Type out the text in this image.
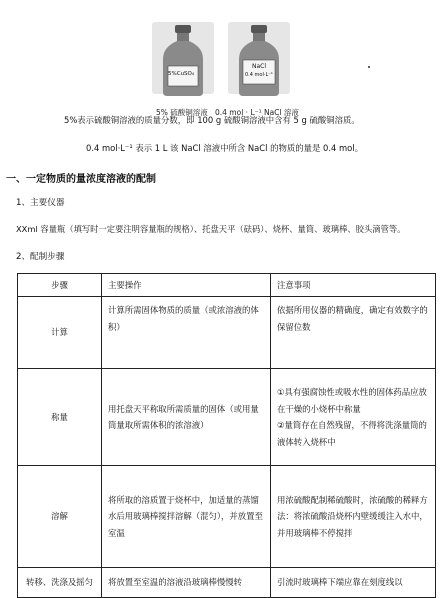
5%CuSO₄
5% 硫酸铜溶液
NaCl
0.4 mol·L⁻¹
0.4 mol · L⁻¹ NaCl 溶液
5%表示硫酸铜溶液的质量分数，即 100 g 硫酸铜溶液中含有 5 g 硫酸铜溶质。
0.4 mol·L⁻¹ 表示 1 L 该 NaCl 溶液中所含 NaCl 的物质的量是 0.4 mol。
一、一定物质的量浓度溶液的配制
1、主要仪器
XXml 容量瓶（填写时一定要注明容量瓶的规格）、托盘天平（砝码）、烧杯、量筒、玻璃棒、胶头滴管等。
2、配制步骤
步骤	主要操作	注意事项
计算	计算所需固体物质的质量（或浓溶液的体积）	依据所用仪器的精确度，确定有效数字的保留位数

称量	用托盘天平称取所需质量的固体（或用量筒量取所需体积的浓溶液）	①具有强腐蚀性或吸水性的固体药品应放在干燥的小烧杯中称量
②量筒存在自然残留，不得将洗涤量筒的液体转入烧杯中

溶解	将所取的溶质置于烧杯中，加适量的蒸馏水后用玻璃棒搅拌溶解（混匀），并放置至室温	用浓硫酸配制稀硫酸时，浓硫酸的稀释方法：将浓硫酸沿烧杯内壁缓缓注入水中，并用玻璃棒不停搅拌

转移、洗涤及摇匀	将放置至室温的溶液沿玻璃棒慢慢转	引流时玻璃棒下端应靠在刻度线以
